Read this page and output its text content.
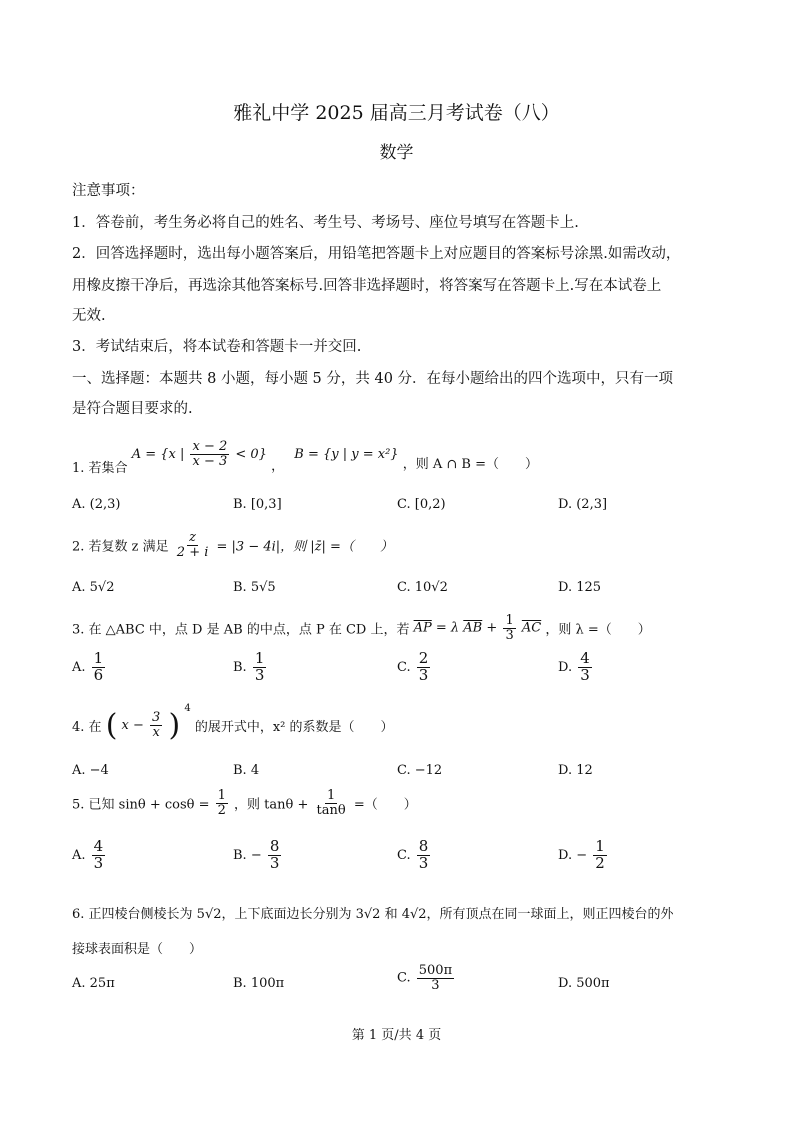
雅礼中学 2025 届高三月考试卷（八）
数学
注意事项：
1．答卷前，考生务必将自己的姓名、考生号、考场号、座位号填写在答题卡上.
2．回答选择题时，选出每小题答案后，用铅笔把答题卡上对应题目的答案标号涂黑.如需改动，
用橡皮擦干净后，再选涂其他答案标号.回答非选择题时，将答案写在答题卡上.写在本试卷上
无效.
3．考试结束后，将本试卷和答题卡一并交回.
一、选择题：本题共 8 小题，每小题 5 分，共 40 分．在每小题给出的四个选项中，只有一项
是符合题目要求的.
1. 若集合 A = {x | $\frac{x - 2}{x - 3} < 0$} ， B = {y | y = x²} ，则 A ∩ B =（　　）
A. (2,3)	B. [0,3]	C. [0,2)	D. (2,3]
2. 若复数 z 满足 $\frac{z}{2 + i} = |3 - 4i|$，则 |z̄| =（　　）
A. 5√2	B. 5√5	C. 10√2	D. 125
3. 在 △ABC 中，点 D 是 AB 的中点，点 P 在 CD 上，若 $\overline{AP} = \lambda$ $\overline{AB} + \frac{1}{3} \overline{AC}$ ，则 λ =（　　）
A. $\frac{1}{6}$	B. $\frac{1}{3}$	C. $\frac{2}{3}$	D. $\frac{4}{3}$
4. 在 ( $x - \frac{3}{x}$ ) $^4$ 的展开式中，x² 的系数是（　　）
A. −4	B. 4	C. −12	D. 12
5. 已知 $\sin\theta + \cos\theta = \frac{1}{2}$ ，则 $\tan\theta + \frac{1}{\tan\theta}$ =（　　）
A. $\frac{4}{3}$	B. − $\frac{8}{3}$	C. $\frac{8}{3}$	D. − $\frac{1}{2}$
6. 正四棱台侧棱长为 5√2，上下底面边长分别为 3√2 和 4√2，所有顶点在同一球面上，则正四棱台的外
接球表面积是（　　）
A. 25π	B. 100π	C. $\frac{500\pi}{3}$	D. 500π
第 1 页/共 4 页
